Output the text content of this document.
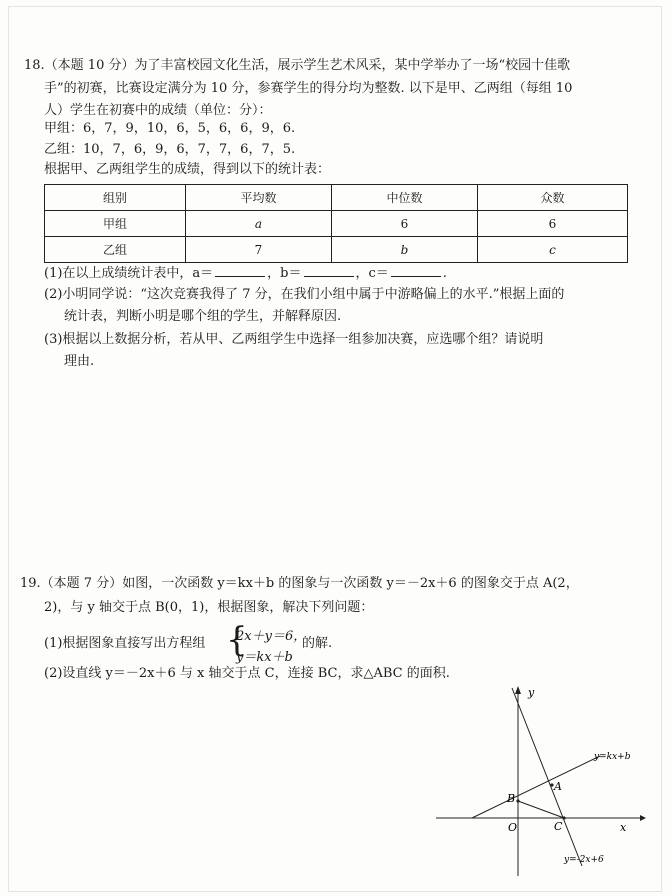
18.（本题 10 分）为了丰富校园文化生活，展示学生艺术风采，某中学举办了一场“校园十佳歌
手”的初赛，比赛设定满分为 10 分，参赛学生的得分均为整数. 以下是甲、乙两组（每组 10
人）学生在初赛中的成绩（单位：分）：
甲组：6，7，9，10，6，5，6，6，9，6.
乙组：10，7，6，9，6，7，7，6，7，5.
根据甲、乙两组学生的成绩，得到以下的统计表：
组别	平均数	中位数	众数
甲组	a	6	6
乙组	7	b	c
(1)在以上成绩统计表中，a＝	，b＝	，c＝	.
(2)小明同学说：“这次竞赛我得了 7 分，在我们小组中属于中游略偏上的水平.”根据上面的
统计表，判断小明是哪个组的学生，并解释原因.
(3)根据以上数据分析，若从甲、乙两组学生中选择一组参加决赛，应选哪个组？请说明
理由.
19.（本题 7 分）如图，一次函数 y＝kx＋b 的图象与一次函数 y＝－2x＋6 的图象交于点 A(2，
2)，与 y 轴交于点 B(0，1)，根据图象，解决下列问题：
(1)根据图象直接写出方程组 {
2x＋y＝6，
y＝kx＋b
的解.
(2)设直线 y＝－2x＋6 与 x 轴交于点 C，连接 BC，求△ABC 的面积.
y
x
O
B
A
C
y=kx+b
y=-2x+6
